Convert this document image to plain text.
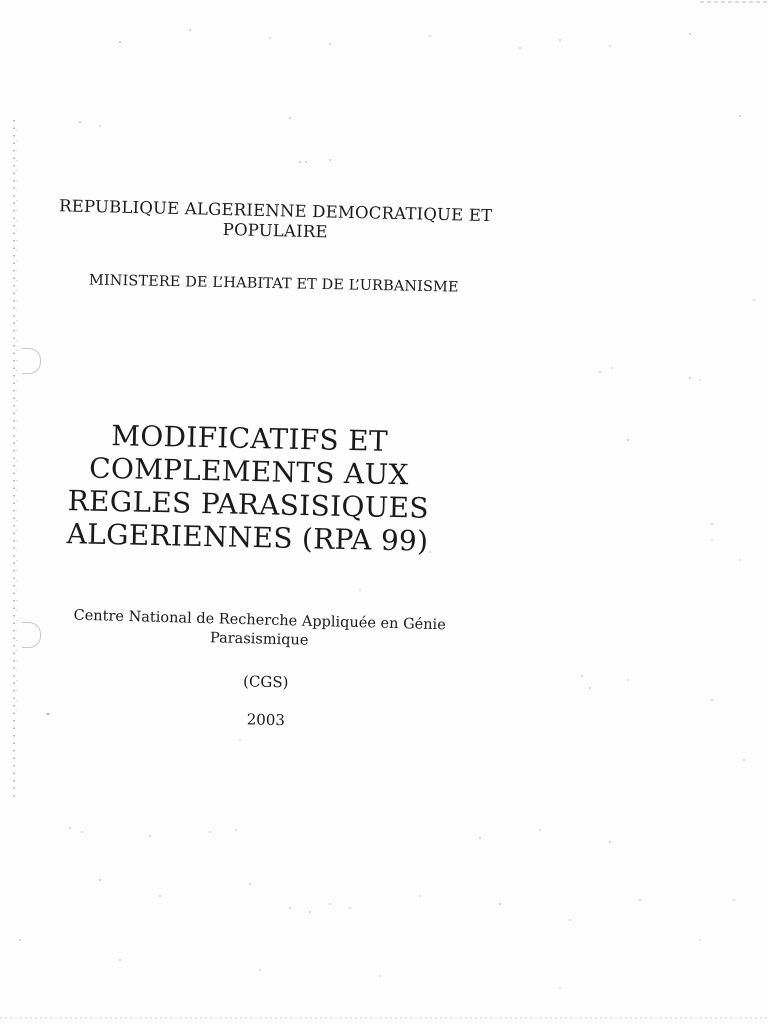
REPUBLIQUE ALGERIENNE DEMOCRATIQUE ET
POPULAIRE

MINISTERE DE L’HABITAT ET DE L’URBANISME

MODIFICATIFS ET
COMPLEMENTS AUX
REGLES PARASISIQUES
ALGERIENNES (RPA 99)

Centre National de Recherche Appliquée en Génie
Parasismique

(CGS)

2003
